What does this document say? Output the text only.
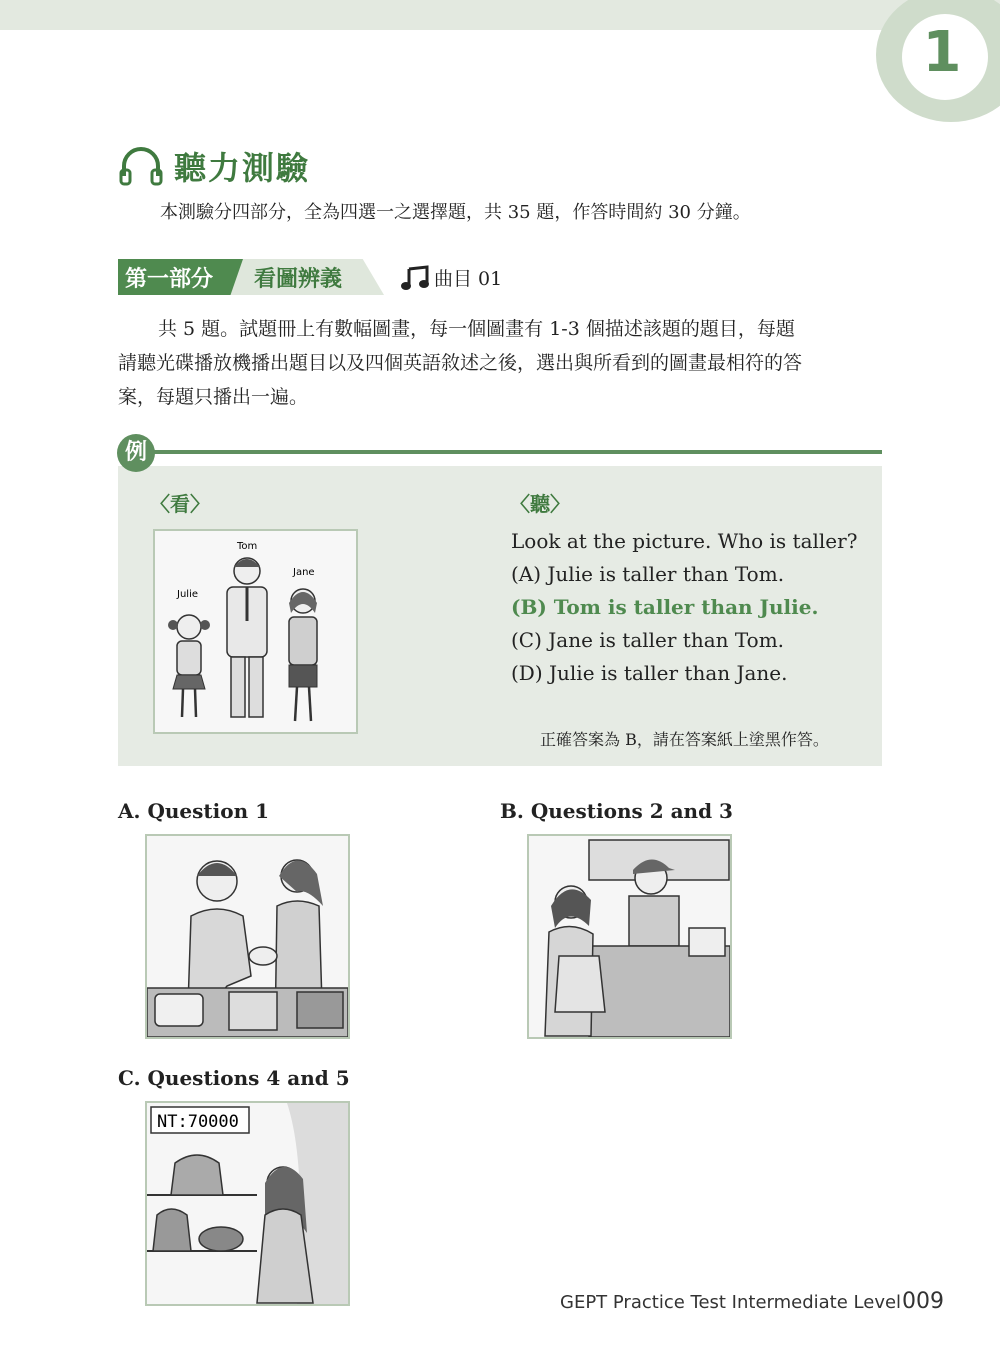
1
聽力測驗
本測驗分四部分，全為四選一之選擇題，共 35 題，作答時間約 30 分鐘。
第一部分 看圖辨義	曲目 01
共 5 題。試題冊上有數幅圖畫，每一個圖畫有 1-3 個描述該題的題目，每題
請聽光碟播放機播出題目以及四個英語敘述之後，選出與所看到的圖畫最相符的答
案，每題只播出一遍。
例
〈看〉	〈聽〉
Tom
Jane
Julie
Look at the picture. Who is taller?
(A) Julie is taller than Tom.
(B) Tom is taller than Julie.
(C) Jane is taller than Tom.
(D) Julie is taller than Jane.
正確答案為 B，請在答案紙上塗黑作答。
A. Question 1	B. Questions 2 and 3
C. Questions 4 and 5
NT:70000
GEPT Practice Test Intermediate Level 009
